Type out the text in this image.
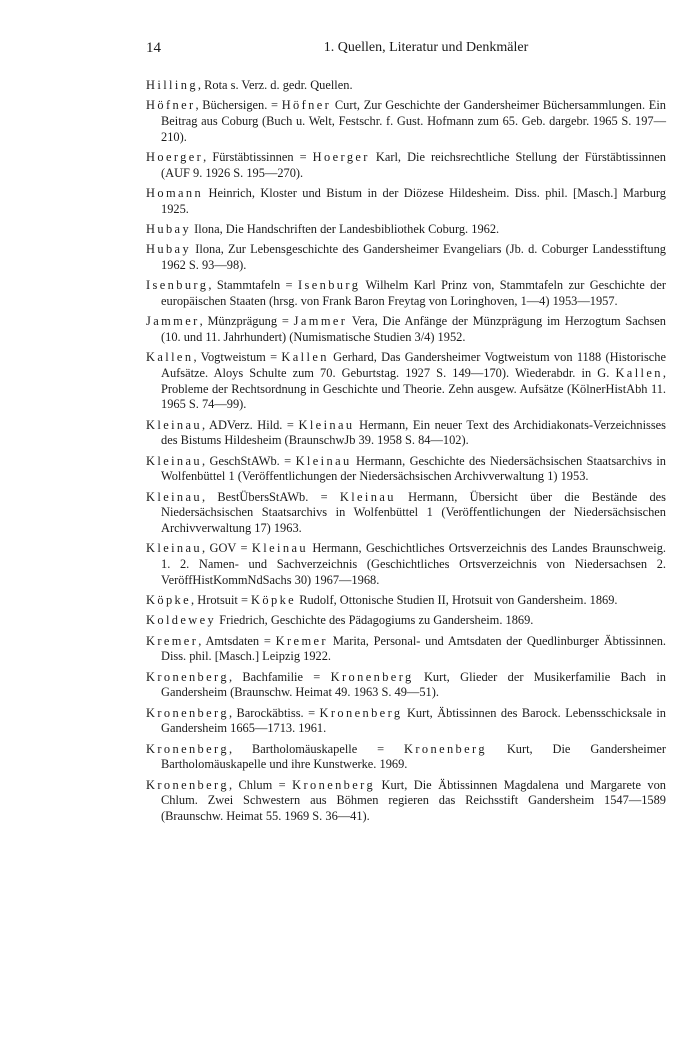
14	1. Quellen, Literatur und Denkmäler

Hilling, Rota s. Verz. d. gedr. Quellen.

Höfner, Büchersigen. = Höfner Curt, Zur Geschichte der Gandersheimer Büchersammlungen. Ein Beitrag aus Coburg (Buch u. Welt, Festschr. f. Gust. Hofmann zum 65. Geb. dargebr. 1965 S. 197—210).

Hoerger, Fürstäbtissinnen = Hoerger Karl, Die reichsrechtliche Stellung der Fürstäbtissinnen (AUF 9. 1926 S. 195—270).

Homann Heinrich, Kloster und Bistum in der Diözese Hildesheim. Diss. phil. [Masch.] Marburg 1925.

Hubay Ilona, Die Handschriften der Landesbibliothek Coburg. 1962.

Hubay Ilona, Zur Lebensgeschichte des Gandersheimer Evangeliars (Jb. d. Coburger Landesstiftung 1962 S. 93—98).

Isenburg, Stammtafeln = Isenburg Wilhelm Karl Prinz von, Stammtafeln zur Geschichte der europäischen Staaten (hrsg. von Frank Baron Freytag von Loringhoven, 1—4) 1953—1957.

Jammer, Münzprägung = Jammer Vera, Die Anfänge der Münzprägung im Herzogtum Sachsen (10. und 11. Jahrhundert) (Numismatische Studien 3/4) 1952.

Kallen, Vogtweistum = Kallen Gerhard, Das Gandersheimer Vogtweistum von 1188 (Historische Aufsätze. Aloys Schulte zum 70. Geburtstag. 1927 S. 149—170). Wiederabdr. in G. Kallen, Probleme der Rechtsordnung in Geschichte und Theorie. Zehn ausgew. Aufsätze (KölnerHistAbh 11. 1965 S. 74—99).

Kleinau, ADVerz. Hild. = Kleinau Hermann, Ein neuer Text des Archidiakonats-Verzeichnisses des Bistums Hildesheim (BraunschwJb 39. 1958 S. 84—102).

Kleinau, GeschStAWb. = Kleinau Hermann, Geschichte des Niedersächsischen Staatsarchivs in Wolfenbüttel 1 (Veröffentlichungen der Niedersächsischen Archivverwaltung 1) 1953.

Kleinau, BestÜbersStAWb. = Kleinau Hermann, Übersicht über die Bestände des Niedersächsischen Staatsarchivs in Wolfenbüttel 1 (Veröffentlichungen der Niedersächsischen Archivverwaltung 17) 1963.

Kleinau, GOV = Kleinau Hermann, Geschichtliches Ortsverzeichnis des Landes Braunschweig. 1. 2. Namen- und Sachverzeichnis (Geschichtliches Ortsverzeichnis von Niedersachsen 2. VeröffHistKommNdSachs 30) 1967—1968.

Köpke, Hrotsuit = Köpke Rudolf, Ottonische Studien II, Hrotsuit von Gandersheim. 1869.

Koldewey Friedrich, Geschichte des Pädagogiums zu Gandersheim. 1869.

Kremer, Amtsdaten = Kremer Marita, Personal- und Amtsdaten der Quedlinburger Äbtissinnen. Diss. phil. [Masch.] Leipzig 1922.

Kronenberg, Bachfamilie = Kronenberg Kurt, Glieder der Musikerfamilie Bach in Gandersheim (Braunschw. Heimat 49. 1963 S. 49—51).

Kronenberg, Barockäbtiss. = Kronenberg Kurt, Äbtissinnen des Barock. Lebensschicksale in Gandersheim 1665—1713. 1961.

Kronenberg, Bartholomäuskapelle = Kronenberg Kurt, Die Gandersheimer Bartholomäuskapelle und ihre Kunstwerke. 1969.

Kronenberg, Chlum = Kronenberg Kurt, Die Äbtissinnen Magdalena und Margarete von Chlum. Zwei Schwestern aus Böhmen regieren das Reichsstift Gandersheim 1547—1589 (Braunschw. Heimat 55. 1969 S. 36—41).
